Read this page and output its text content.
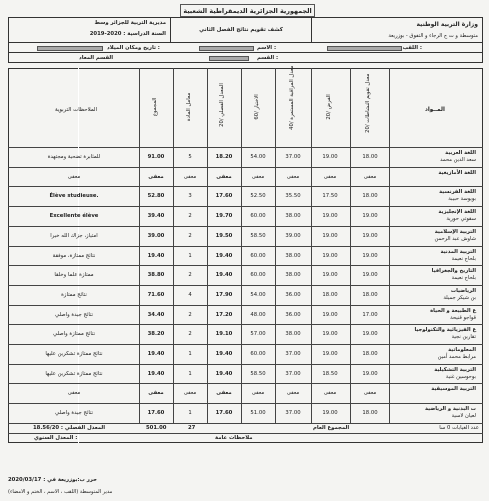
الجمهورية الجزائرية الديمقراطية الشعبية
وزارة التربية الوطنية
متوسطة و ت ج الرجاء و التفوق - بوزريعة
كشف تقويم نتائج الفصل الثاني
مديرية التربية للجزائر وسط
السنة الدراسية : 2020-2019
اللقب :
الاسم :
تاريخ ومكان الميلاد :
القسم :
القسم المعاد
المــواد
معدل تقويم النشاطات /20
الفرض /20
معدل المراقبة المستمرة /40
الاختبار /60
المعدل الفصلي /20
معامل المادة
المجموع
الملاحظات التربوية
اللغة العربية
سعد الدين محمد
18.00
19.00
37.00
54.00
18.20
5
91.00
للمثابرة تضحية ومجتهدة
اللغة الأمازيغية
معفى
معفى
معفى
معفى
معفى
معفى
معفى
معفى
اللغة الفرنسية
بويوسة حبيبة
18.00
17.50
35.50
52.50
17.60
3
52.80
Élève studieuse.
اللغة الإنجليزية
سقوتي حورية
19.00
19.00
38.00
60.00
19.70
2
39.40
Excellente élève
التربية الإسلامية
شاوش عبد الرحمن
19.00
19.00
39.00
58.50
19.50
2
39.00
امتياز، جزاك الله خيرا
التربية المدنية
بلحاج نعيمة
19.00
19.00
38.00
60.00
19.40
1
19.40
نتائج ممتازة، موفقة
التاريخ والجغرافيا
بلحاج نعيمة
19.00
19.00
38.00
60.00
19.40
2
38.80
ممتازة علما وخلقا
الرياضيات
بن شيكر جميلة
18.00
18.00
36.00
54.00
17.90
4
71.60
نتائج ممتازة
ع الطبيعة و الحياة
قواجو قنيحة
17.00
19.00
36.00
48.00
17.20
2
34.40
نتائج جيدة واصلي
ع الفيزيائية والتكنولوجيا
تقارين نجية
19.00
19.00
38.00
57.00
19.10
2
38.20
نتائج ممتازة واصلي
المعلوماتية
مرابط محمد أمين
18.00
19.00
37.00
60.00
19.40
1
19.40
نتائج ممتازة تشكرين عليها
التربية التشكيلية
بوحوسين غنية
19.00
18.50
37.00
58.50
19.40
1
19.40
نتائج ممتازة تشكرين عليها
التربية الموسيقية
معفى
معفى
معفى
معفى
معفى
معفى
معفى
معفى
ت البدنية و الرياضية
لعيان لاسية
18.00
19.00
37.00
51.00
17.60
1
17.60
نتائج جيدة واصلي
عدد الغيابات 0 سا
المجموع العام
27
501.00
المعدل الفصلي : 18.56/20
ملاحظات عامة
المعدل السنوي :
حرر ب:بوزريعة في : 2020/03/17
مدير المتوسطة (اللقب ، الاسم ، الختم و الامضاء)
